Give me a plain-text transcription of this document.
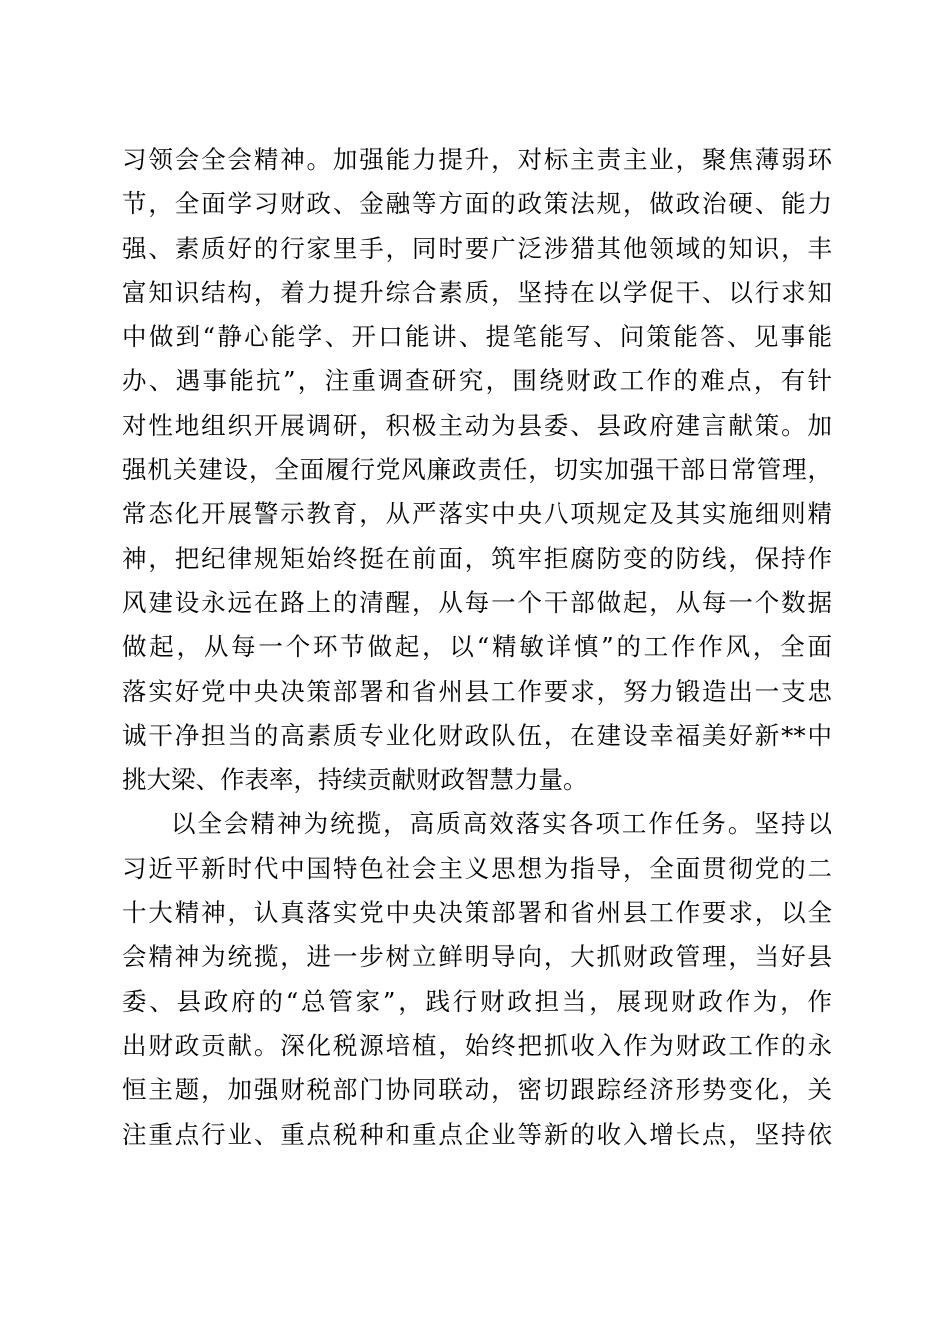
习领会全会精神。加强能力提升，对标主责主业，聚焦薄弱环
节，全面学习财政、金融等方面的政策法规，做政治硬、能力
强、素质好的行家里手，同时要广泛涉猎其他领域的知识，丰
富知识结构，着力提升综合素质，坚持在以学促干、以行求知
中做到“静心能学、开口能讲、提笔能写、问策能答、见事能
办、遇事能抗”，注重调查研究，围绕财政工作的难点，有针
对性地组织开展调研，积极主动为县委、县政府建言献策。加
强机关建设，全面履行党风廉政责任，切实加强干部日常管理，
常态化开展警示教育，从严落实中央八项规定及其实施细则精
神，把纪律规矩始终挺在前面，筑牢拒腐防变的防线，保持作
风建设永远在路上的清醒，从每一个干部做起，从每一个数据
做起，从每一个环节做起，以“精敏详慎”的工作作风，全面
落实好党中央决策部署和省州县工作要求，努力锻造出一支忠
诚干净担当的高素质专业化财政队伍，在建设幸福美好新**中
挑大梁、作表率，持续贡献财政智慧力量。
以全会精神为统揽，高质高效落实各项工作任务。坚持以
习近平新时代中国特色社会主义思想为指导，全面贯彻党的二
十大精神，认真落实党中央决策部署和省州县工作要求，以全
会精神为统揽，进一步树立鲜明导向，大抓财政管理，当好县
委、县政府的“总管家”，践行财政担当，展现财政作为，作
出财政贡献。深化税源培植，始终把抓收入作为财政工作的永
恒主题，加强财税部门协同联动，密切跟踪经济形势变化，关
注重点行业、重点税种和重点企业等新的收入增长点，坚持依
